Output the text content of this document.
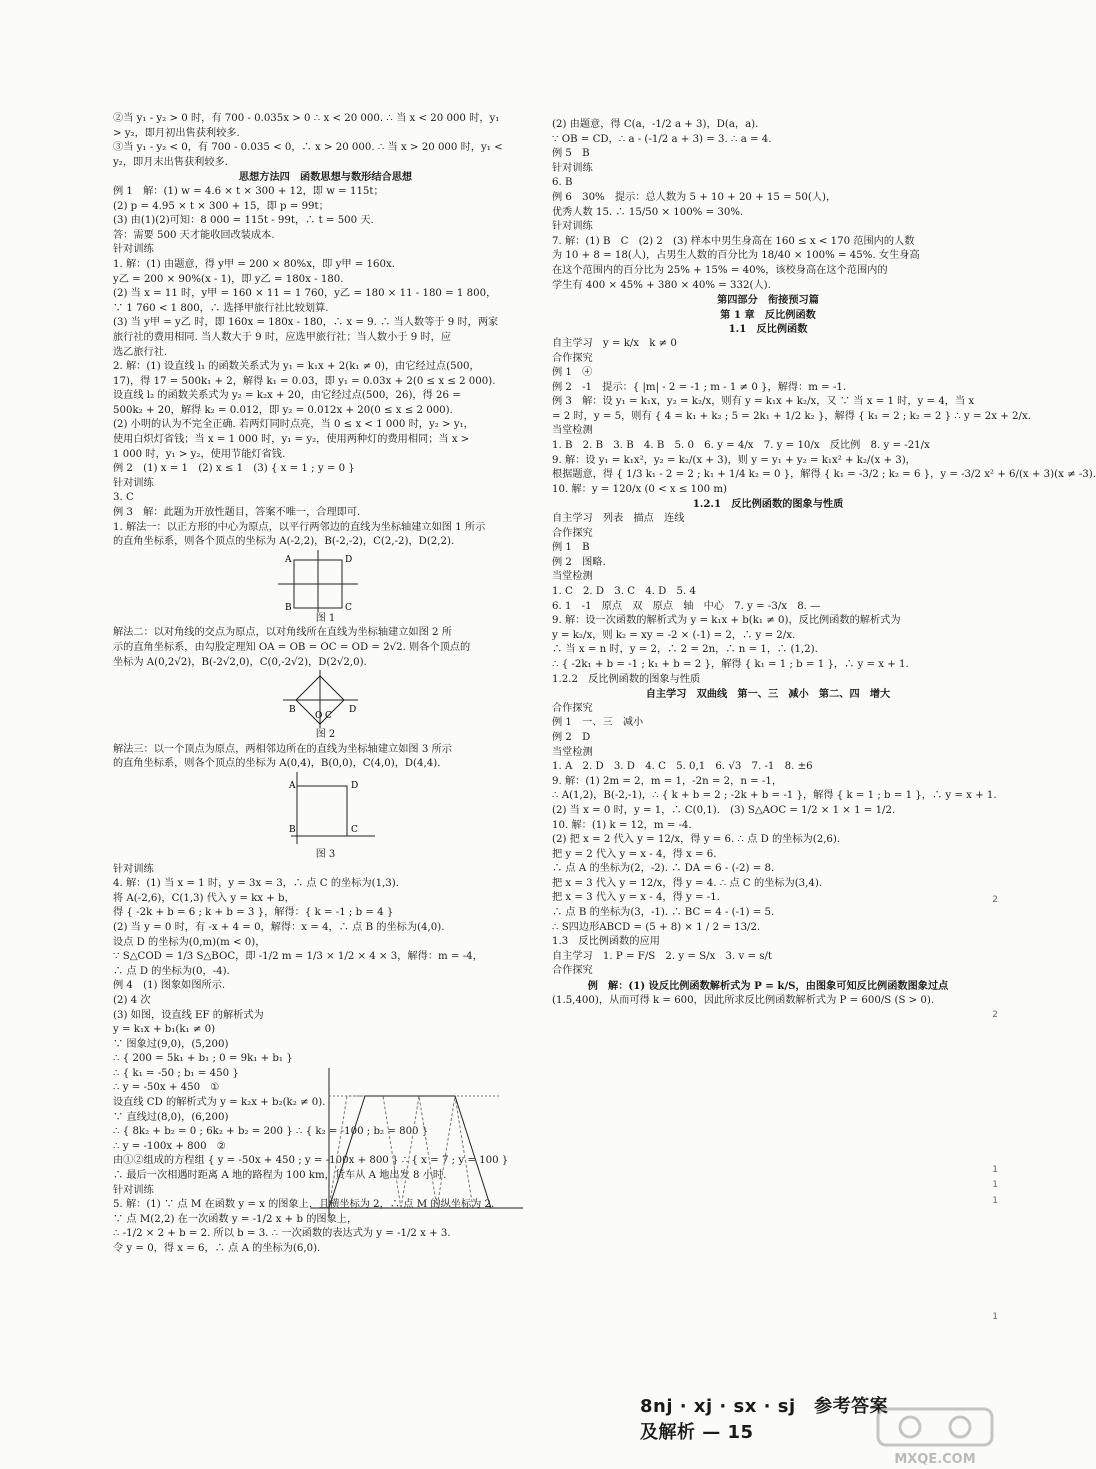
②当 y₁ - y₂ > 0 时，有 700 - 0.035x > 0 ∴ x < 20 000. ∴ 当 x < 20 000 时，y₁
> y₂，即月初出售获利较多.
③当 y₁ - y₂ < 0，有 700 - 0.035 < 0，∴ x > 20 000. ∴ 当 x > 20 000 时，y₁ <
y₂，即月末出售获利较多.
思想方法四　函数思想与数形结合思想
例 1　解：(1) w = 4.6 × t × 300 + 12，即 w = 115t；
(2) p = 4.95 × t × 300 + 15，即 p = 99t；
(3) 由(1)(2)可知：8 000 = 115t - 99t，∴ t = 500 天.
答：需要 500 天才能收回改装成本.
针对训练
1. 解：(1) 由题意，得 y甲 = 200 × 80%x，即 y甲 = 160x.
y乙 = 200 × 90%(x - 1)，即 y乙 = 180x - 180.
(2) 当 x = 11 时，y甲 = 160 × 11 = 1 760，y乙 = 180 × 11 - 180 = 1 800，
∵ 1 760 < 1 800，∴ 选择甲旅行社比较划算.
(3) 当 y甲 = y乙 时，即 160x = 180x - 180，∴ x = 9. ∴ 当人数等于 9 时，两家
旅行社的费用相同. 当人数大于 9 时，应选甲旅行社；当人数小于 9 时，应
选乙旅行社.
2. 解：(1) 设直线 l₁ 的函数关系式为 y₁ = k₁x + 2(k₁ ≠ 0)，由它经过点(500，
17)，得 17 = 500k₁ + 2，解得 k₁ = 0.03，即 y₁ = 0.03x + 2(0 ≤ x ≤ 2 000).
设直线 l₂ 的函数关系式为 y₂ = k₂x + 20，由它经过点(500，26)，得 26 =
500k₂ + 20，解得 k₂ = 0.012，即 y₂ = 0.012x + 20(0 ≤ x ≤ 2 000).
(2) 小明的认为不完全正确. 若两灯同时点亮，当 0 ≤ x < 1 000 时，y₂ > y₁，
使用白炽灯省钱；当 x = 1 000 时，y₁ = y₂，使用两种灯的费用相同；当 x >
1 000 时，y₁ > y₂，使用节能灯省钱.
例 2　(1) x = 1　(2) x ≤ 1　(3) { x = 1 ; y = 0 }
针对训练
3. C
例 3　解：此题为开放性题目，答案不唯一，合理即可.
1. 解法一：以正方形的中心为原点，以平行两邻边的直线为坐标轴建立如图 1 所示
的直角坐标系，则各个顶点的坐标为 A(-2,2)，B(-2,-2)，C(2,-2)，D(2,2).
A	D
B	C
图 1
解法二：以对角线的交点为原点，以对角线所在直线为坐标轴建立如图 2 所
示的直角坐标系，由勾股定理知 OA = OB = OC = OD = 2√2. 则各个顶点的
坐标为 A(0,2√2)，B(-2√2,0)，C(0,-2√2)，D(2√2,0).
B
O C
D
图 2
解法三：以一个顶点为原点，两相邻边所在的直线为坐标轴建立如图 3 所示
的直角坐标系，则各个顶点的坐标为 A(0,4)，B(0,0)，C(4,0)，D(4,4).
A	D
B	C
图 3
针对训练
4. 解：(1) 当 x = 1 时，y = 3x = 3，∴ 点 C 的坐标为(1,3).
将 A(-2,6)，C(1,3) 代入 y = kx + b，
得 { -2k + b = 6 ; k + b = 3 }，解得：{ k = -1 ; b = 4 }
(2) 当 y = 0 时，有 -x + 4 = 0，解得：x = 4，∴ 点 B 的坐标为(4,0).
设点 D 的坐标为(0,m)(m < 0)，
∵ S△COD = 1/3 S△BOC，即 -1/2 m = 1/3 × 1/2 × 4 × 3，解得：m = -4，
∴ 点 D 的坐标为(0，-4).
例 4　(1) 图象如图所示.
(2) 4 次
(3) 如图，设直线 EF 的解析式为
y = k₁x + b₁(k₁ ≠ 0)
∵ 图象过(9,0)，(5,200)
∴ { 200 = 5k₁ + b₁ ; 0 = 9k₁ + b₁ }
∴ { k₁ = -50 ; b₁ = 450 }
∴ y = -50x + 450　①
设直线 CD 的解析式为 y = k₂x + b₂(k₂ ≠ 0).
∵ 直线过(8,0)，(6,200)
∴ { 8k₂ + b₂ = 0 ; 6k₂ + b₂ = 200 } ∴ { k₂ = -100 ; b₂ = 800 }
∴ y = -100x + 800　②
由①②组成的方程组 { y = -50x + 450 ; y = -100x + 800 } ∴ { x = 7 ; y = 100 }
∴ 最后一次相遇时距离 A 地的路程为 100 km，货车从 A 地出发 8 小时.
针对训练
5. 解：(1) ∵ 点 M 在函数 y = x 的图象上，且横坐标为 2，∴ 点 M 的纵坐标为 2.
∵ 点 M(2,2) 在一次函数 y = -1/2 x + b 的图象上，
∴ -1/2 × 2 + b = 2. 所以 b = 3. ∴ 一次函数的表达式为 y = -1/2 x + 3.
令 y = 0，得 x = 6，∴ 点 A 的坐标为(6,0).
(2) 由题意，得 C(a，-1/2 a + 3)，D(a，a).
∵ OB = CD，∴ a - (-1/2 a + 3) = 3. ∴ a = 4.
例 5　B
针对训练
6. B
例 6　30%　提示：总人数为 5 + 10 + 20 + 15 = 50(人)，
优秀人数 15. ∴ 15/50 × 100% = 30%.
针对训练
7. 解：(1) B　C　(2) 2　(3) 样本中男生身高在 160 ≤ x < 170 范围内的人数
为 10 + 8 = 18(人)，占男生人数的百分比为 18/40 × 100% = 45%. 女生身高
在这个范围内的百分比为 25% + 15% = 40%，该校身高在这个范围内的
学生有 400 × 45% + 380 × 40% = 332(人).
第四部分　衔接预习篇
第 1 章　反比例函数
1.1　反比例函数
自主学习　y = k/x　k ≠ 0
合作探究
例 1　④
例 2　-1　提示：{ |m| - 2 = -1 ; m - 1 ≠ 0 }，解得：m = -1.
例 3　解：设 y₁ = k₁x，y₂ = k₂/x，则有 y = k₁x + k₂/x，又 ∵ 当 x = 1 时，y = 4，当 x
= 2 时，y = 5，则有 { 4 = k₁ + k₂ ; 5 = 2k₁ + 1/2 k₂ }，解得 { k₁ = 2 ; k₂ = 2 } ∴ y = 2x + 2/x.
当堂检测
1. B　2. B　3. B　4. B　5. 0　6. y = 4/x　7. y = 10/x　反比例　8. y = -21/x
9. 解：设 y₁ = k₁x²，y₂ = k₂/(x + 3)，则 y = y₁ + y₂ = k₁x² + k₂/(x + 3)，
根据题意，得 { 1/3 k₁ - 2 = 2 ; k₁ + 1/4 k₂ = 0 }，解得 { k₁ = -3/2 ; k₂ = 6 }，y = -3/2 x² + 6/(x + 3)(x ≠ -3).
10. 解：y = 120/x (0 < x ≤ 100 m)
1.2.1　反比例函数的图象与性质
自主学习　列表　描点　连线
合作探究
例 1　B
例 2　图略.
当堂检测
1. C　2. D　3. C　4. D　5. 4
6. 1　-1　原点　双　原点　轴　中心　7. y = -3/x　8. —
9. 解：设一次函数的解析式为 y = k₁x + b(k₁ ≠ 0)，反比例函数的解析式为
y = k₂/x，则 k₂ = xy = -2 × (-1) = 2，∴ y = 2/x.
∴ 当 x = n 时，y = 2，∴ 2 = 2n，∴ n = 1，∴ (1,2).
∴ { -2k₁ + b = -1 ; k₁ + b = 2 }，解得 { k₁ = 1 ; b = 1 }，∴ y = x + 1.
1.2.2　反比例函数的图象与性质
自主学习　双曲线　第一、三　减小　第二、四　增大
合作探究
例 1　一、三　减小
例 2　D
当堂检测
1. A　2. D　3. D　4. C　5. 0,1　6. √3　7. -1　8. ±6
9. 解：(1) 2m = 2，m = 1，-2n = 2，n = -1，
∴ A(1,2)，B(-2,-1)，∴ { k + b = 2 ; -2k + b = -1 }，解得 { k = 1 ; b = 1 }，∴ y = x + 1.
(2) 当 x = 0 时，y = 1，∴ C(0,1).　(3) S△AOC = 1/2 × 1 × 1 = 1/2.
10. 解：(1) k = 12，m = -4.
(2) 把 x = 2 代入 y = 12/x，得 y = 6. ∴ 点 D 的坐标为(2,6).
把 y = 2 代入 y = x - 4，得 x = 6.
∴ 点 A 的坐标为(2，-2). ∴ DA = 6 - (-2) = 8.
把 x = 3 代入 y = 12/x，得 y = 4. ∴ 点 C 的坐标为(3,4).
把 x = 3 代入 y = x - 4，得 y = -1.
∴ 点 B 的坐标为(3，-1). ∴ BC = 4 - (-1) = 5.
∴ S四边形ABCD = (5 + 8) × 1 / 2 = 13/2.
1.3　反比例函数的应用
自主学习　1. P = F/S　2. y = S/x　3. v = s/t
合作探究
例　解：(1) 设反比例函数解析式为 P = k/S，由图象可知反比例函数图象过点
(1.5,400)，从而可得 k = 600，因此所求反比例函数解析式为 P = 600/S (S > 0).
8nj · xj · sx · sj　参考答案及解析 — 15
MXQE.COM
2
2
1
1
1
1
